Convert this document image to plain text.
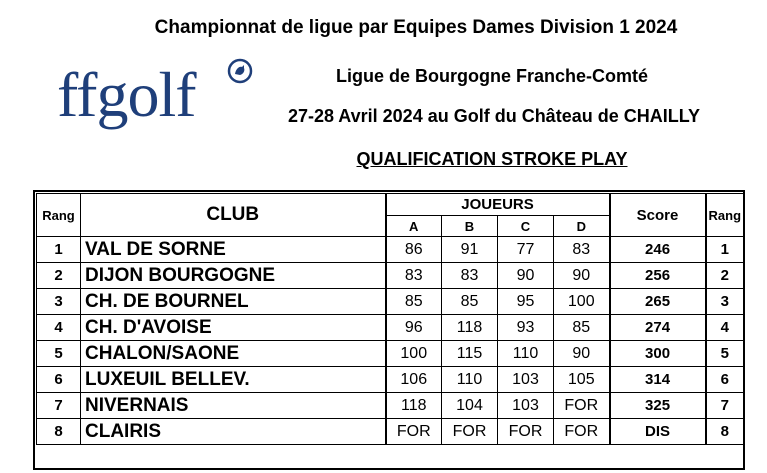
Championnat de ligue par Equipes Dames Division 1 2024
ffgolf	Ligue de Bourgogne Franche-Comté
27-28 Avril 2024 au Golf du Château de CHAILLY
QUALIFICATION STROKE PLAY
Rang	CLUB	JOUEURS				Score	Rang
		A	B	C	D		
1	VAL DE SORNE	86	91	77	83	246	1
2	DIJON BOURGOGNE	83	83	90	90	256	2
3	CH. DE BOURNEL	85	85	95	100	265	3
4	CH. D'AVOISE	96	118	93	85	274	4
5	CHALON/SAONE	100	115	110	90	300	5
6	LUXEUIL BELLEV.	106	110	103	105	314	6
7	NIVERNAIS	118	104	103	FOR	325	7
8	CLAIRIS	FOR	FOR	FOR	FOR	DIS	8
